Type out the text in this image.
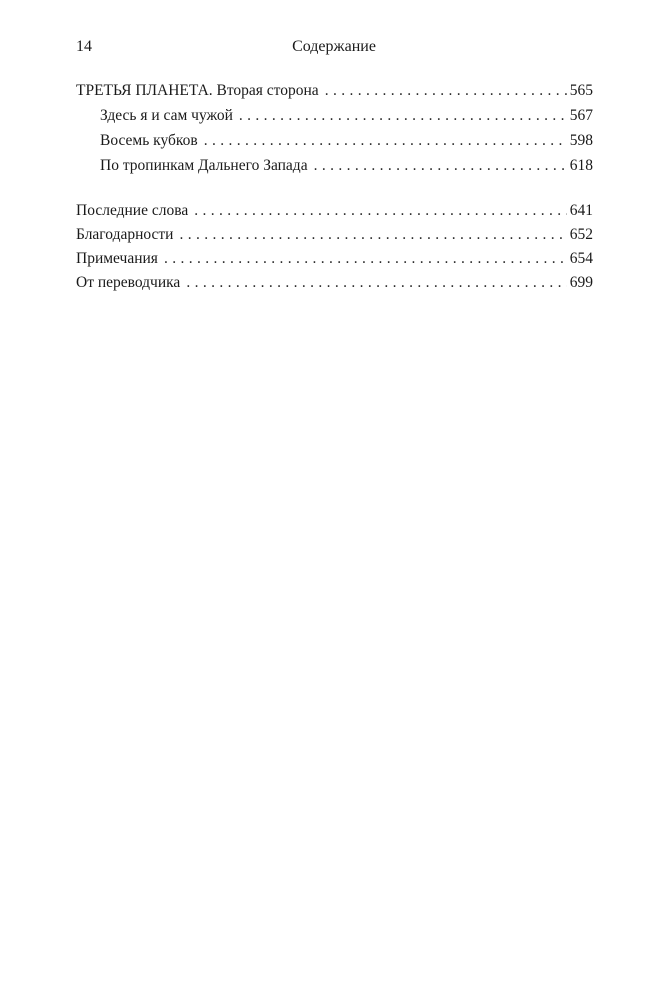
14	Содержание
ТРЕТЬЯ ПЛАНЕТА. Вторая сторона . . .	565
Здесь я и сам чужой . . .	567
Восемь кубков . . .	598
По тропинкам Дальнего Запада . . .	618
Последние слова . . .	641
Благодарности . . .	652
Примечания . . .	654
От переводчика . . .	699
